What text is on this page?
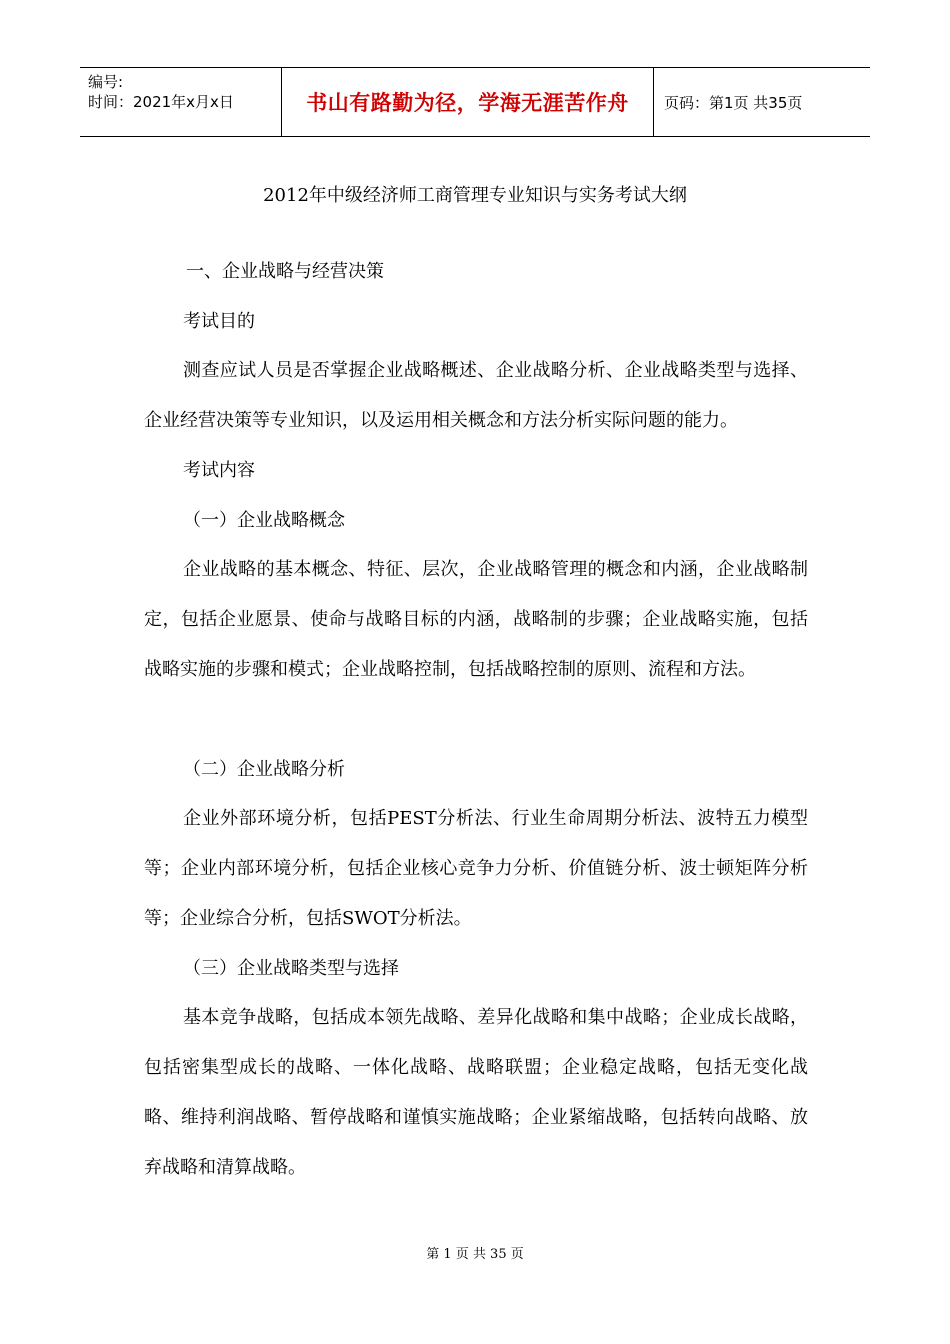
编号:
时间：2021年x月x日	书山有路勤为径，学海无涯苦作舟	页码：第1页 共35页
2012年中级经济师工商管理专业知识与实务考试大纲
一、企业战略与经营决策
考试目的
测查应试人员是否掌握企业战略概述、企业战略分析、企业战略类型与选择、企业经营决策等专业知识，以及运用相关概念和方法分析实际问题的能力。
考试内容
（一）企业战略概念
企业战略的基本概念、特征、层次，企业战略管理的概念和内涵，企业战略制定，包括企业愿景、使命与战略目标的内涵，战略制的步骤；企业战略实施，包括战略实施的步骤和模式；企业战略控制，包括战略控制的原则、流程和方法。
（二）企业战略分析
企业外部环境分析，包括PEST分析法、行业生命周期分析法、波特五力模型等；企业内部环境分析，包括企业核心竞争力分析、价值链分析、波士顿矩阵分析等；企业综合分析，包括SWOT分析法。
（三）企业战略类型与选择
基本竞争战略，包括成本领先战略、差异化战略和集中战略；企业成长战略，包括密集型成长的战略、一体化战略、战略联盟；企业稳定战略，包括无变化战略、维持利润战略、暂停战略和谨慎实施战略；企业紧缩战略，包括转向战略、放弃战略和清算战略。
第 1 页 共 35 页
